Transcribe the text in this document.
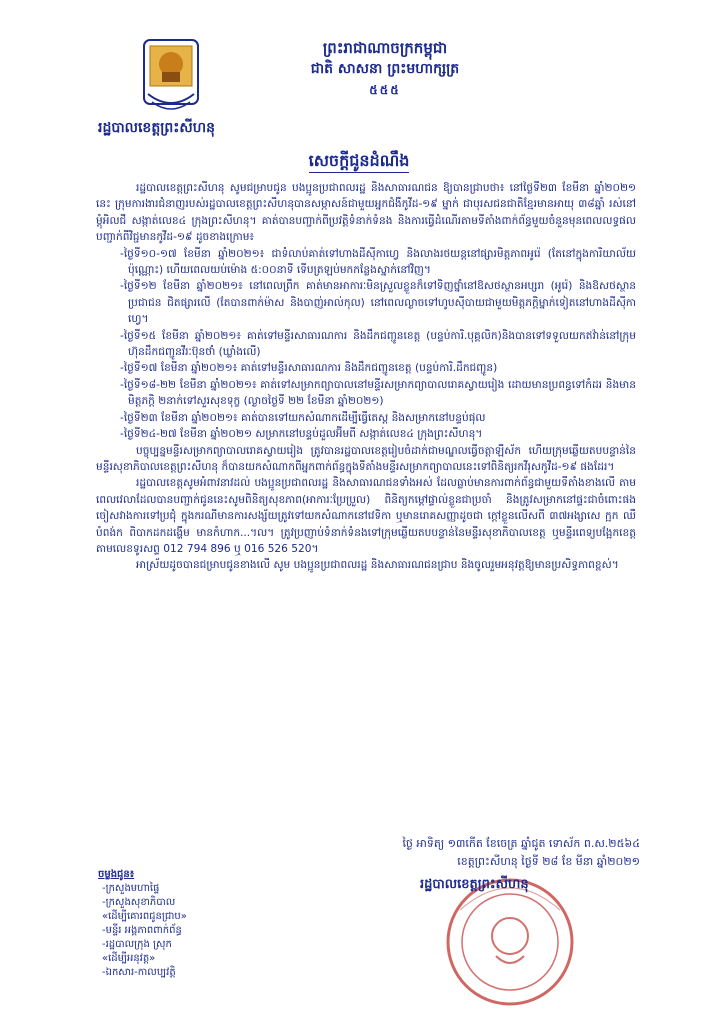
ព្រះរាជាណាចក្រកម្ពុជា
ជាតិ សាសនា ព្រះមហាក្សត្រ
៥៥៥
រដ្ឋបាលខេត្តព្រះសីហនុ
សេចក្តីជូនដំណឹង

រដ្ឋបាលខេត្តព្រះសីហនុ សូមជម្រាបជូន បងប្អូនប្រជាពលរដ្ឋ និងសាធារណជន ឱ្យបានជ្រាបថា៖ នៅថ្ងៃទី២៣ ខែមីនា ឆ្នាំ២០២១ នេះ ក្រុមការងារជំនាញរបស់រដ្ឋបាលខេត្តព្រះសីហនុបានសម្ភាសន៍ជាមួយអ្នកជំងឺកូវីដ-១៩ ម្នាក់ ជាបុរសជនជាតិខ្មែរមានអាយុ ៣៨ឆ្នាំ រស់នៅម្ដុំអិលជី សង្កាត់លេខ៤ ក្រុងព្រះសីហនុ។ គាត់បានបញ្ជាក់ពីប្រវត្តិទំនាក់ទំនង និងការធ្វើដំណើរតាមទីតាំងពាក់ព័ន្ធមួយចំនួនមុនពេលលទ្ធផលបញ្ជាក់ពីវិជ្ជមានកូវីដ-១៩ ដូចខាងក្រោម៖

-ថ្ងៃទី១០-១៧ ខែមីនា ឆ្នាំ២០២១៖ ជាទំលាប់គាត់ទៅហាងដីស៊ីកាហ្វេ និងលាងរថយន្តនៅផ្សារមិត្តភាពអូរ៉េ (តែនៅក្នុងការិយាល័យប៉ុណ្ណោះ) ហើយពេលយប់ម៉ោង ៥:០០នាទី ទើបត្រឡប់មកកន្លែងស្នាក់នៅវិញ។
-ថ្ងៃទី១២ ខែមីនា ឆ្នាំ២០២១៖ នៅពេលព្រឹក គាត់មានអាការៈមិនស្រួលខ្លួនក៏ទៅទិញថ្នាំនៅឱសថស្ថានអប្សរា (អូរ៉េ) និងឱសថស្ថានប្រជាជន ជិតផ្សារលើ (តែបានពាក់ម៉ាស និងបាញ់អាល់កុល) នៅពេលល្ងាចទៅហូបស៊ីបាយជាមួយមិត្តភក្តិម្នាក់ទៀតនៅហាងដីស៊ីកាហ្វេ។
-ថ្ងៃទី១៥ ខែមីនា ឆ្នាំ២០២១៖ គាត់ទៅមន្ទីរសាធារណការ និងដឹកជញ្ជូនខេត្ត (បន្ទប់ការិ.បុគ្គលិក)និងបានទៅទទួលយកឥវ៉ាន់នៅក្រុមហ៊ុនដឹកជញ្ជូនវីរៈប៊ុនថាំ (ឃ្លាំងលើ)
-ថ្ងៃទី១៧ ខែមីនា ឆ្នាំ២០២១៖ គាត់ទៅមន្ទីរសាធារណការ និងដឹកជញ្ជូនខេត្ត (បន្ទប់ការិ.ដឹកជញ្ជូន)
-ថ្ងៃទី១៨-២២ ខែមីនា ឆ្នាំ២០២១៖ គាត់ទៅសម្រាកព្យាបាលនៅមន្ទីរសម្រាកព្យាបាលរោគស្វាយរៀង ដោយមានប្រពន្ធទៅកំដរ និងមានមិត្តភក្តិ ២នាក់ទៅសួរសុខទុក្ខ (ល្ងាចថ្ងៃទី ២២ ខែមីនា ឆ្នាំ២០២១)
-ថ្ងៃទី២៣ ខែមីនា ឆ្នាំ២០២១៖ គាត់បានទៅយកសំណាកដើម្បីធ្វើតេស្ត និងសម្រាកនៅបន្ទប់ផុល
-ថ្ងៃទី២៤-២៧ ខែមីនា ឆ្នាំ២០២១ សម្រាកនៅបន្ទប់ដួលអ៊ីមពី សង្កាត់លេខ៤ ក្រុងព្រះសីហនុ។

បច្ចុប្បន្នមន្ទីរសម្រាកព្យាបាលរោគស្វាយរៀង ត្រូវបានរដ្ឋបាលខេត្តរៀបចំដាក់ជាមណ្ឌលធ្វើចត្តាឡីស័ក ហើយក្រុមឆ្លើយតបបន្ទាន់នៃមន្ទីរសុខាភិបាលខេត្តព្រះសីហនុ ក៏បានយកសំណាកពីអ្នកពាក់ព័ន្ធក្នុងទីតាំងមន្ទីរសម្រាកព្យាបាលនេះទៅពិនិត្យរកវីរុសកូវីដ-១៩ ផងដែរ។

រដ្ឋបាលខេត្តសូមអំពាវនាវដល់ បងប្អូនប្រជាពលរដ្ឋ និងសាធារណជនទាំងអស់ ដែលធ្លាប់មានការពាក់ព័ន្ធជាមួយទីតាំងខាងលើ តាមពេលវេលាដែលបានបញ្ជាក់ជូននេះសូមពិនិត្យសុខភាព(អាការៈប្រែប្រួល) ពិនិត្យកម្ដៅផ្ទាល់ខ្លួនជាប្រចាំ និងត្រូវសម្រាកនៅផ្ទះជាចំពោះផង ចៀសវាងការទៅប្រជុំ ក្នុងករណីមានការសង្ស័យត្រូវទៅយកសំណាកនៅវេទិកា ឬមានរោគសញ្ញាដូចជា ក្តៅខ្លួនលើសពី ៣៧អង្សាសេ ក្អក ឈឺបំពង់ក ពិបាកដកដង្ហើម មានកំហាក...។ល។ ត្រូវប្រញាប់ទំនាក់ទំនងទៅក្រុមឆ្លើយតបបន្ទាន់នៃមន្ទីរសុខាភិបាលខេត្ត ឬមន្ទីរពេទ្យបង្អែកខេត្តតាមលេខទូរសព្ទ 012 794 896 ឬ 016 526 520។

អាស្រ័យដូចបានជម្រាបជូនខាងលើ សូម បងប្អូនប្រជាពលរដ្ឋ និងសាធារណជនជ្រាប និងចូលរួមអនុវត្តឱ្យមានប្រសិទ្ធភាពខ្ពស់។

ថ្ងៃ អាទិត្យ ១៣កើត ខែចេត្រ ឆ្នាំជូត ទោស័ក ព.ស.២៥៦៤
ខេត្តព្រះសីហនុ ថ្ងៃទី ២៨ ខែ មីនា ឆ្នាំ២០២១
រដ្ឋបាលខេត្តព្រះសីហនុ
ចម្លងជូន៖
-ក្រសួងមហាផ្ទៃ
-ក្រសួងសុខាភិបាល
«ដើម្បីគោរពជូនជ្រាប»
-មន្ទីរ អង្គភាពពាក់ព័ន្ធ
-រដ្ឋបាលក្រុង ស្រុក
«ដើម្បីអនុវត្ត»
-ឯកសារ-កាលប្បវត្តិ
